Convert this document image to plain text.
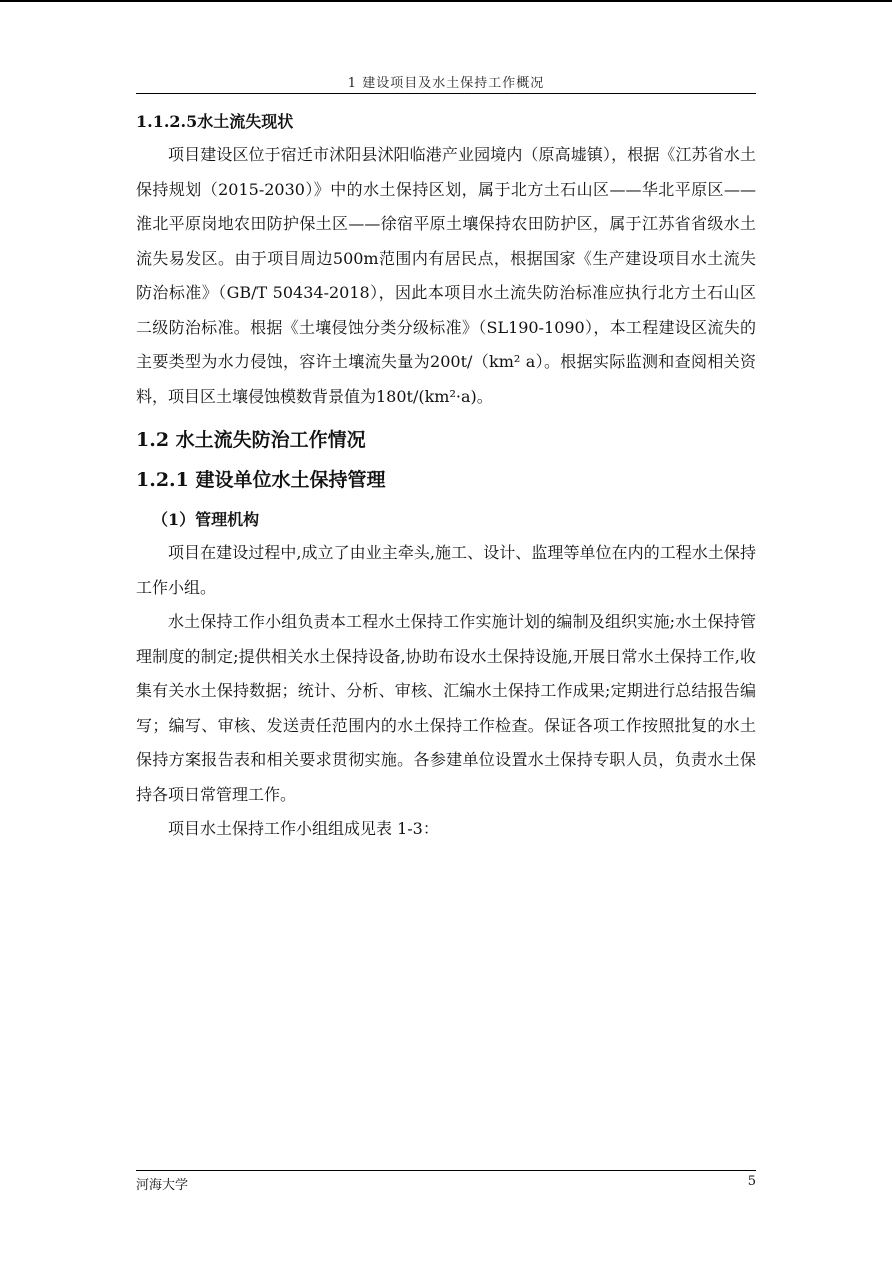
1 建设项目及水土保持工作概况
1.1.2.5水土流失现状

项目建设区位于宿迁市沭阳县沭阳临港产业园境内（原高墟镇），根据《江苏省水土保持规划（2015-2030）》中的水土保持区划，属于北方土石山区——华北平原区——淮北平原岗地农田防护保土区——徐宿平原土壤保持农田防护区，属于江苏省省级水土流失易发区。由于项目周边500m范围内有居民点，根据国家《生产建设项目水土流失防治标准》（GB/T 50434-2018），因此本项目水土流失防治标准应执行北方土石山区二级防治标准。根据《土壤侵蚀分类分级标准》（SL190-1090），本工程建设区流失的主要类型为水力侵蚀，容许土壤流失量为200t/（km² a）。根据实际监测和查阅相关资料，项目区土壤侵蚀模数背景值为180t/(km²·a)。

1.2 水土流失防治工作情况
1.2.1 建设单位水土保持管理
（1）管理机构

项目在建设过程中,成立了由业主牵头,施工、设计、监理等单位在内的工程水土保持工作小组。

水土保持工作小组负责本工程水土保持工作实施计划的编制及组织实施;水土保持管理制度的制定;提供相关水土保持设备,协助布设水土保持设施,开展日常水土保持工作,收集有关水土保持数据；统计、分析、审核、汇编水土保持工作成果;定期进行总结报告编写；编写、审核、发送责任范围内的水土保持工作检查。保证各项工作按照批复的水土保持方案报告表和相关要求贯彻实施。各参建单位设置水土保持专职人员，负责水土保持各项日常管理工作。

项目水土保持工作小组组成见表 1-3：

河海大学	5
